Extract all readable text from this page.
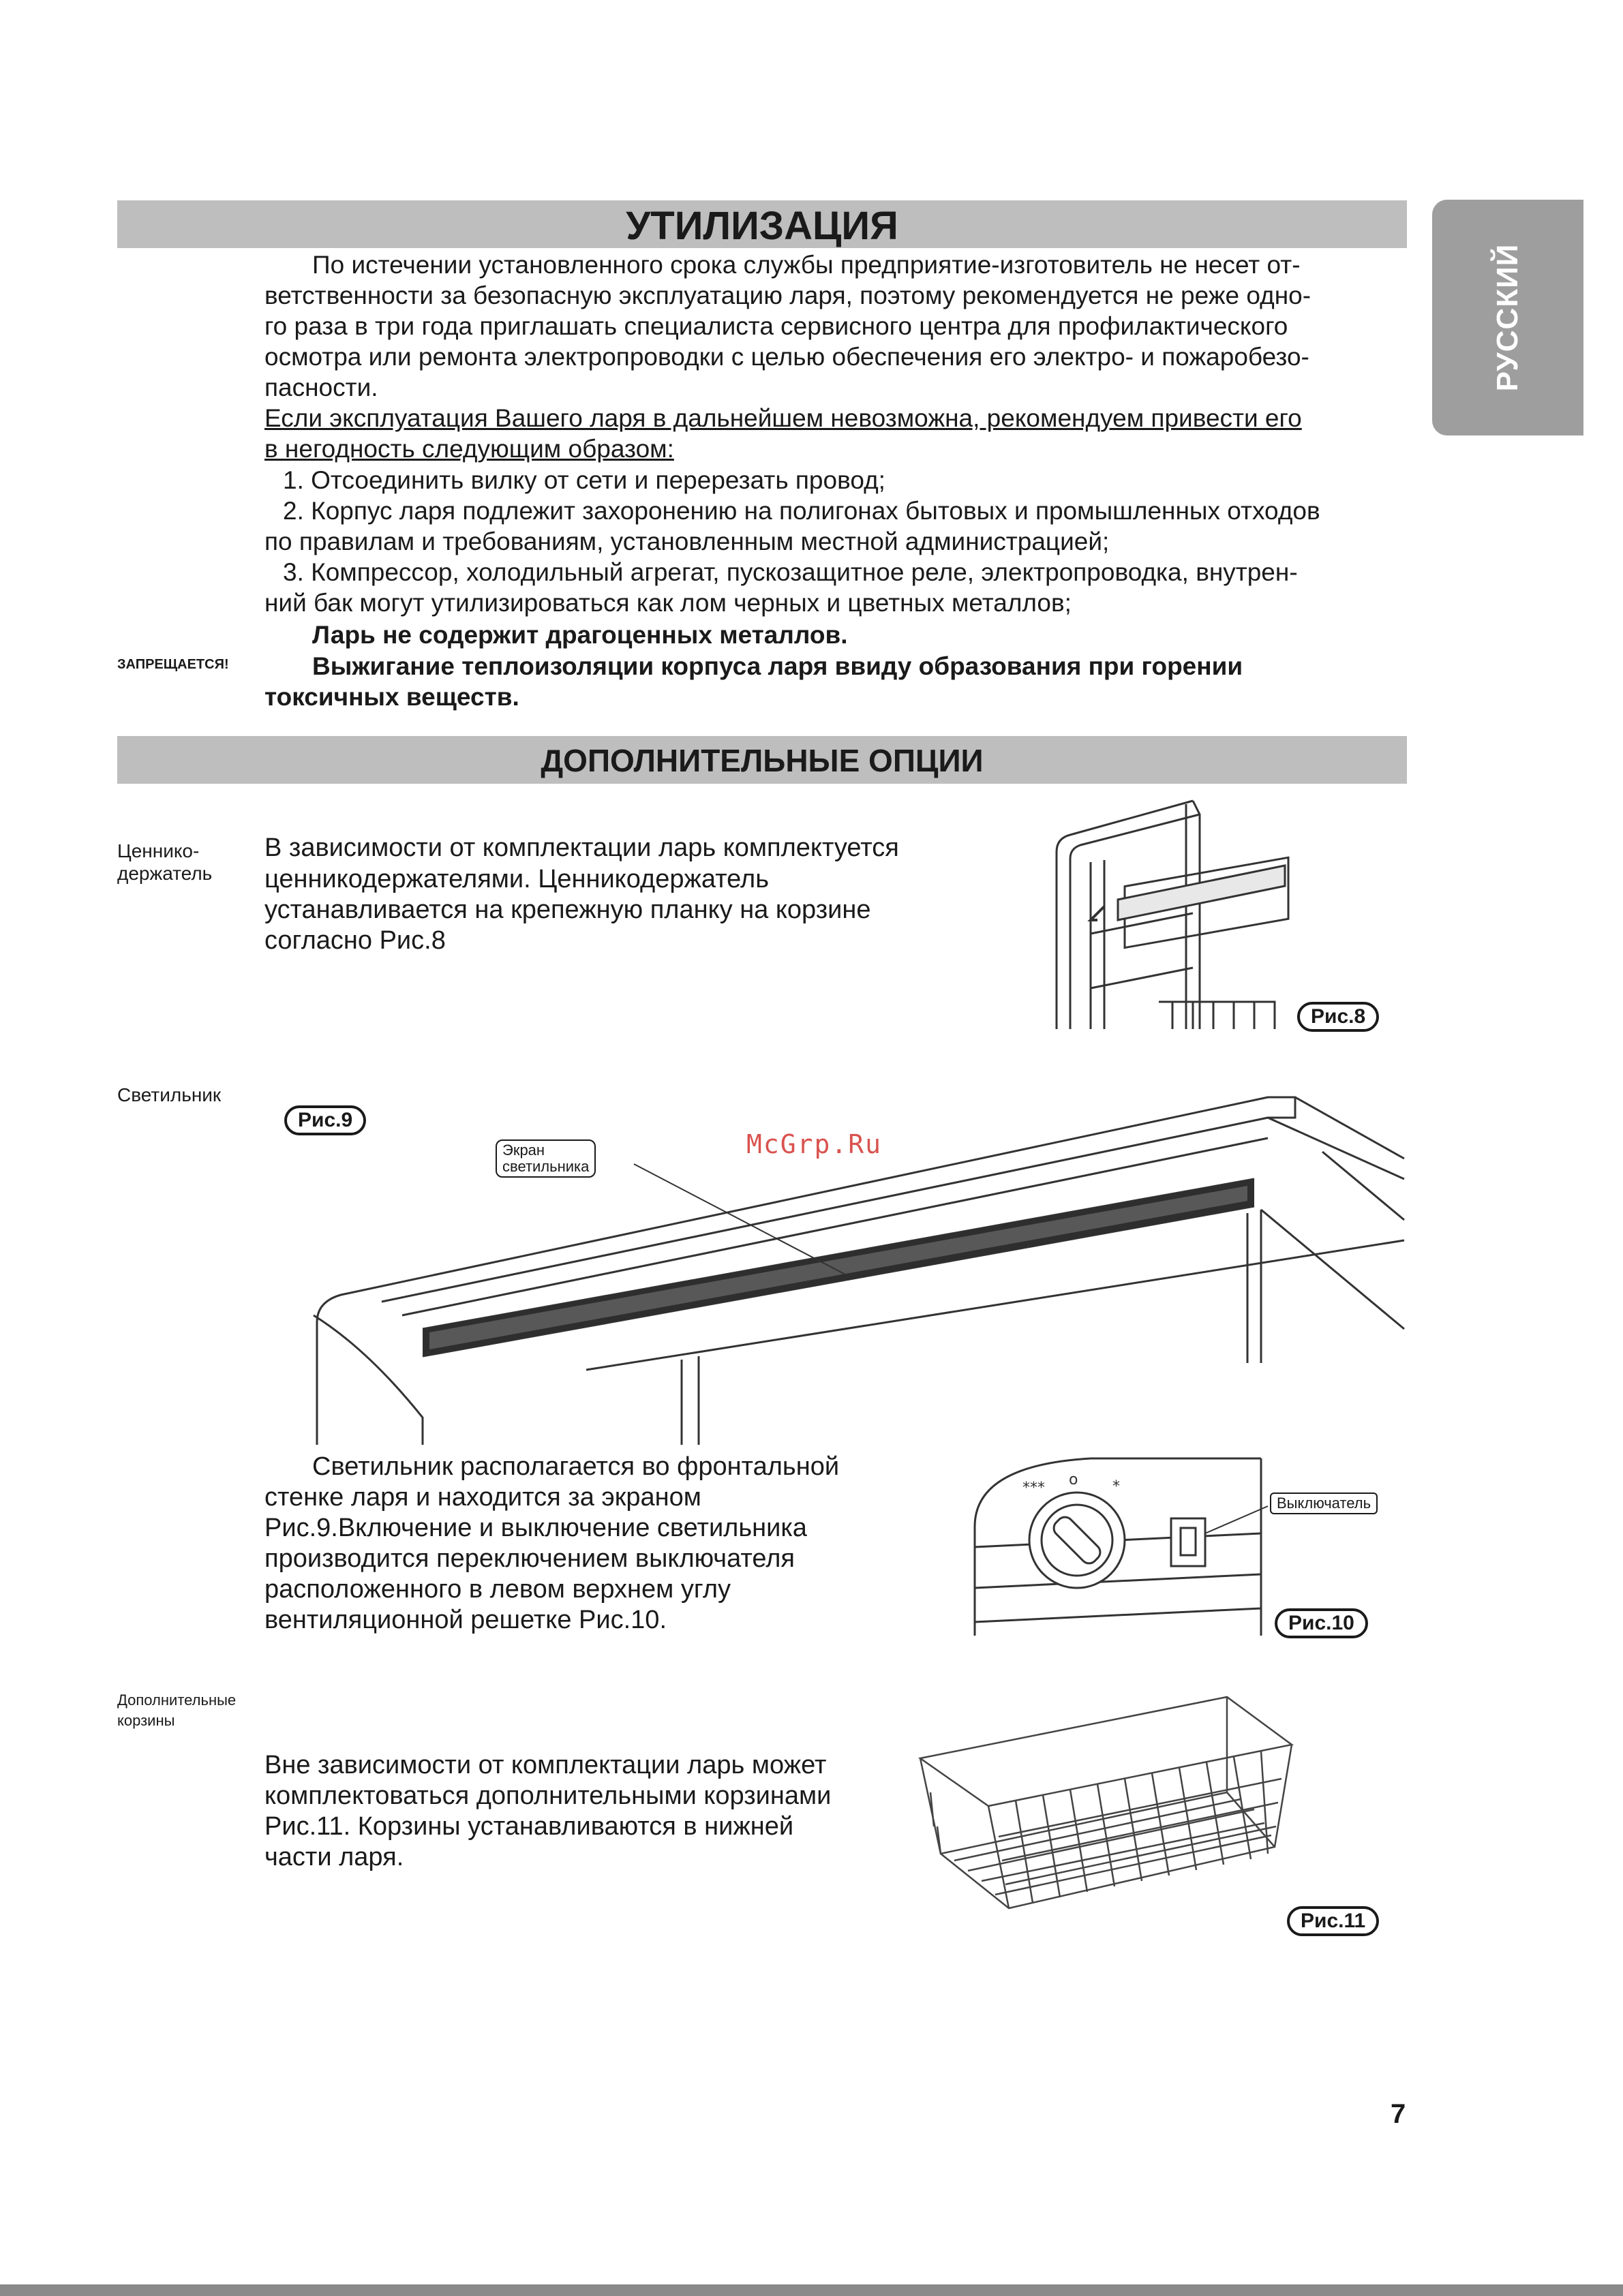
РУССКИЙ
УТИЛИЗАЦИЯ
По истечении установленного срока службы предприятие-изготовитель не несет от-
ветственности за безопасную эксплуатацию ларя, поэтому рекомендуется не реже одно-
го раза в три года приглашать специалиста сервисного центра для профилактического
осмотра или ремонта электропроводки с целью обеспечения его электро- и пожаробезо-
пасности.
Если эксплуатация Вашего ларя в дальнейшем невозможна, рекомендуем привести его
в негодность следующим образом:
1. Отсоединить вилку от сети и перерезать провод;
2. Корпус ларя подлежит захоронению на полигонах бытовых и промышленных отходов
по правилам и требованиям, установленным местной администрацией;
3. Компрессор, холодильный агрегат, пускозащитное реле, электропроводка, внутрен-
ний бак могут утилизироваться как лом черных и цветных металлов;
Ларь не содержит драгоценных металлов.
ЗАПРЕЩАЕТСЯ!	Выжигание теплоизоляции корпуса ларя ввиду образования при горении
токсичных веществ.
ДОПОЛНИТЕЛЬНЫЕ ОПЦИИ
Ценнико-
держатель
В зависимости от комплектации ларь комплектуется
ценникодержателями. Ценникодержатель
устанавливается на крепежную планку на корзине
согласно Рис.8
Рис.8
Светильник
Рис.9
Экран
светильника
McGrp.Ru
Светильник располагается во фронтальной
стенке ларя и находится за экраном
Рис.9.Включение и выключение светильника
производится переключением выключателя
расположенного в левом верхнем углу
вентиляционной решетке Рис.10.
*** o *
Выключатель
Рис.10
Дополнительные
корзины
Вне зависимости от комплектации ларь может
комплектоваться дополнительными корзинами
Рис.11. Корзины устанавливаются в нижней
части ларя.
Рис.11
7
